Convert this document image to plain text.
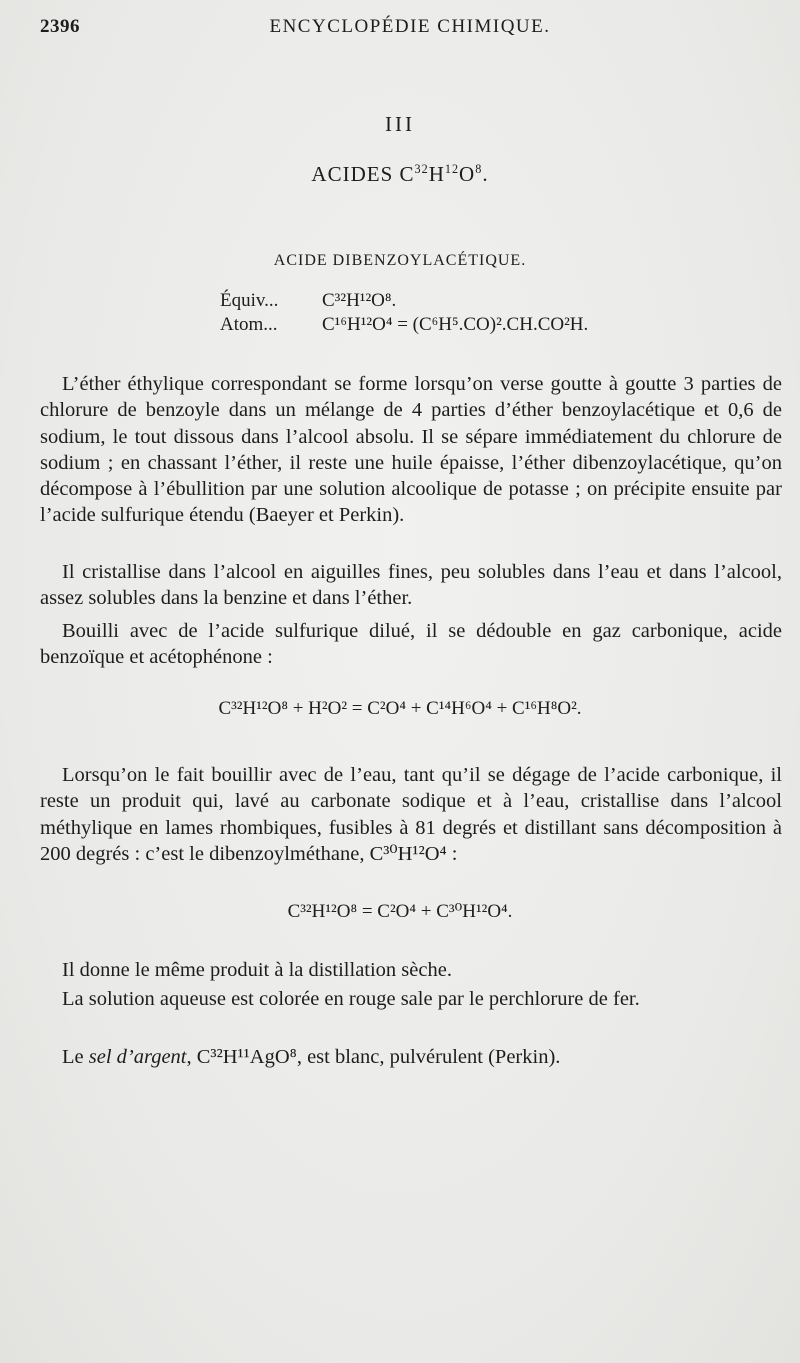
2396	ENCYCLOPÉDIE CHIMIQUE.
III
ACIDES $C^{32}H^{12}O^8$.
ACIDE DIBENZOYLACÉTIQUE.
Équiv... C³²H¹²O⁸.
Atom... C¹⁶H¹²O⁴ = (C⁶H⁵.CO)².CH.CO²H.

L’éther éthylique correspondant se forme lorsqu’on verse goutte à goutte 3 parties de chlorure de benzoyle dans un mélange de 4 parties d’éther benzoylacétique et 0,6 de sodium, le tout dissous dans l’alcool absolu. Il se sépare immédiatement du chlorure de sodium ; en chassant l’éther, il reste une huile épaisse, l’éther dibenzoylacétique, qu’on décompose à l’ébullition par une solution alcoolique de potasse ; on précipite ensuite par l’acide sulfurique étendu (Baeyer et Perkin).

Il cristallise dans l’alcool en aiguilles fines, peu solubles dans l’eau et dans l’alcool, assez solubles dans la benzine et dans l’éther.

Bouilli avec de l’acide sulfurique dilué, il se dédouble en gaz carbonique, acide benzoïque et acétophénone :

C³²H¹²O⁸ + H²O² = C²O⁴ + C¹⁴H⁶O⁴ + C¹⁶H⁸O².

Lorsqu’on le fait bouillir avec de l’eau, tant qu’il se dégage de l’acide carbonique, il reste un produit qui, lavé au carbonate sodique et à l’eau, cristallise dans l’alcool méthylique en lames rhombiques, fusibles à 81 degrés et distillant sans décomposition à 200 degrés : c’est le dibenzoylméthane, C³⁰H¹²O⁴ :

C³²H¹²O⁸ = C²O⁴ + C³⁰H¹²O⁴.

Il donne le même produit à la distillation sèche.

La solution aqueuse est colorée en rouge sale par le perchlorure de fer.

Le sel d’argent, C³²H¹¹AgO⁸, est blanc, pulvérulent (Perkin).
